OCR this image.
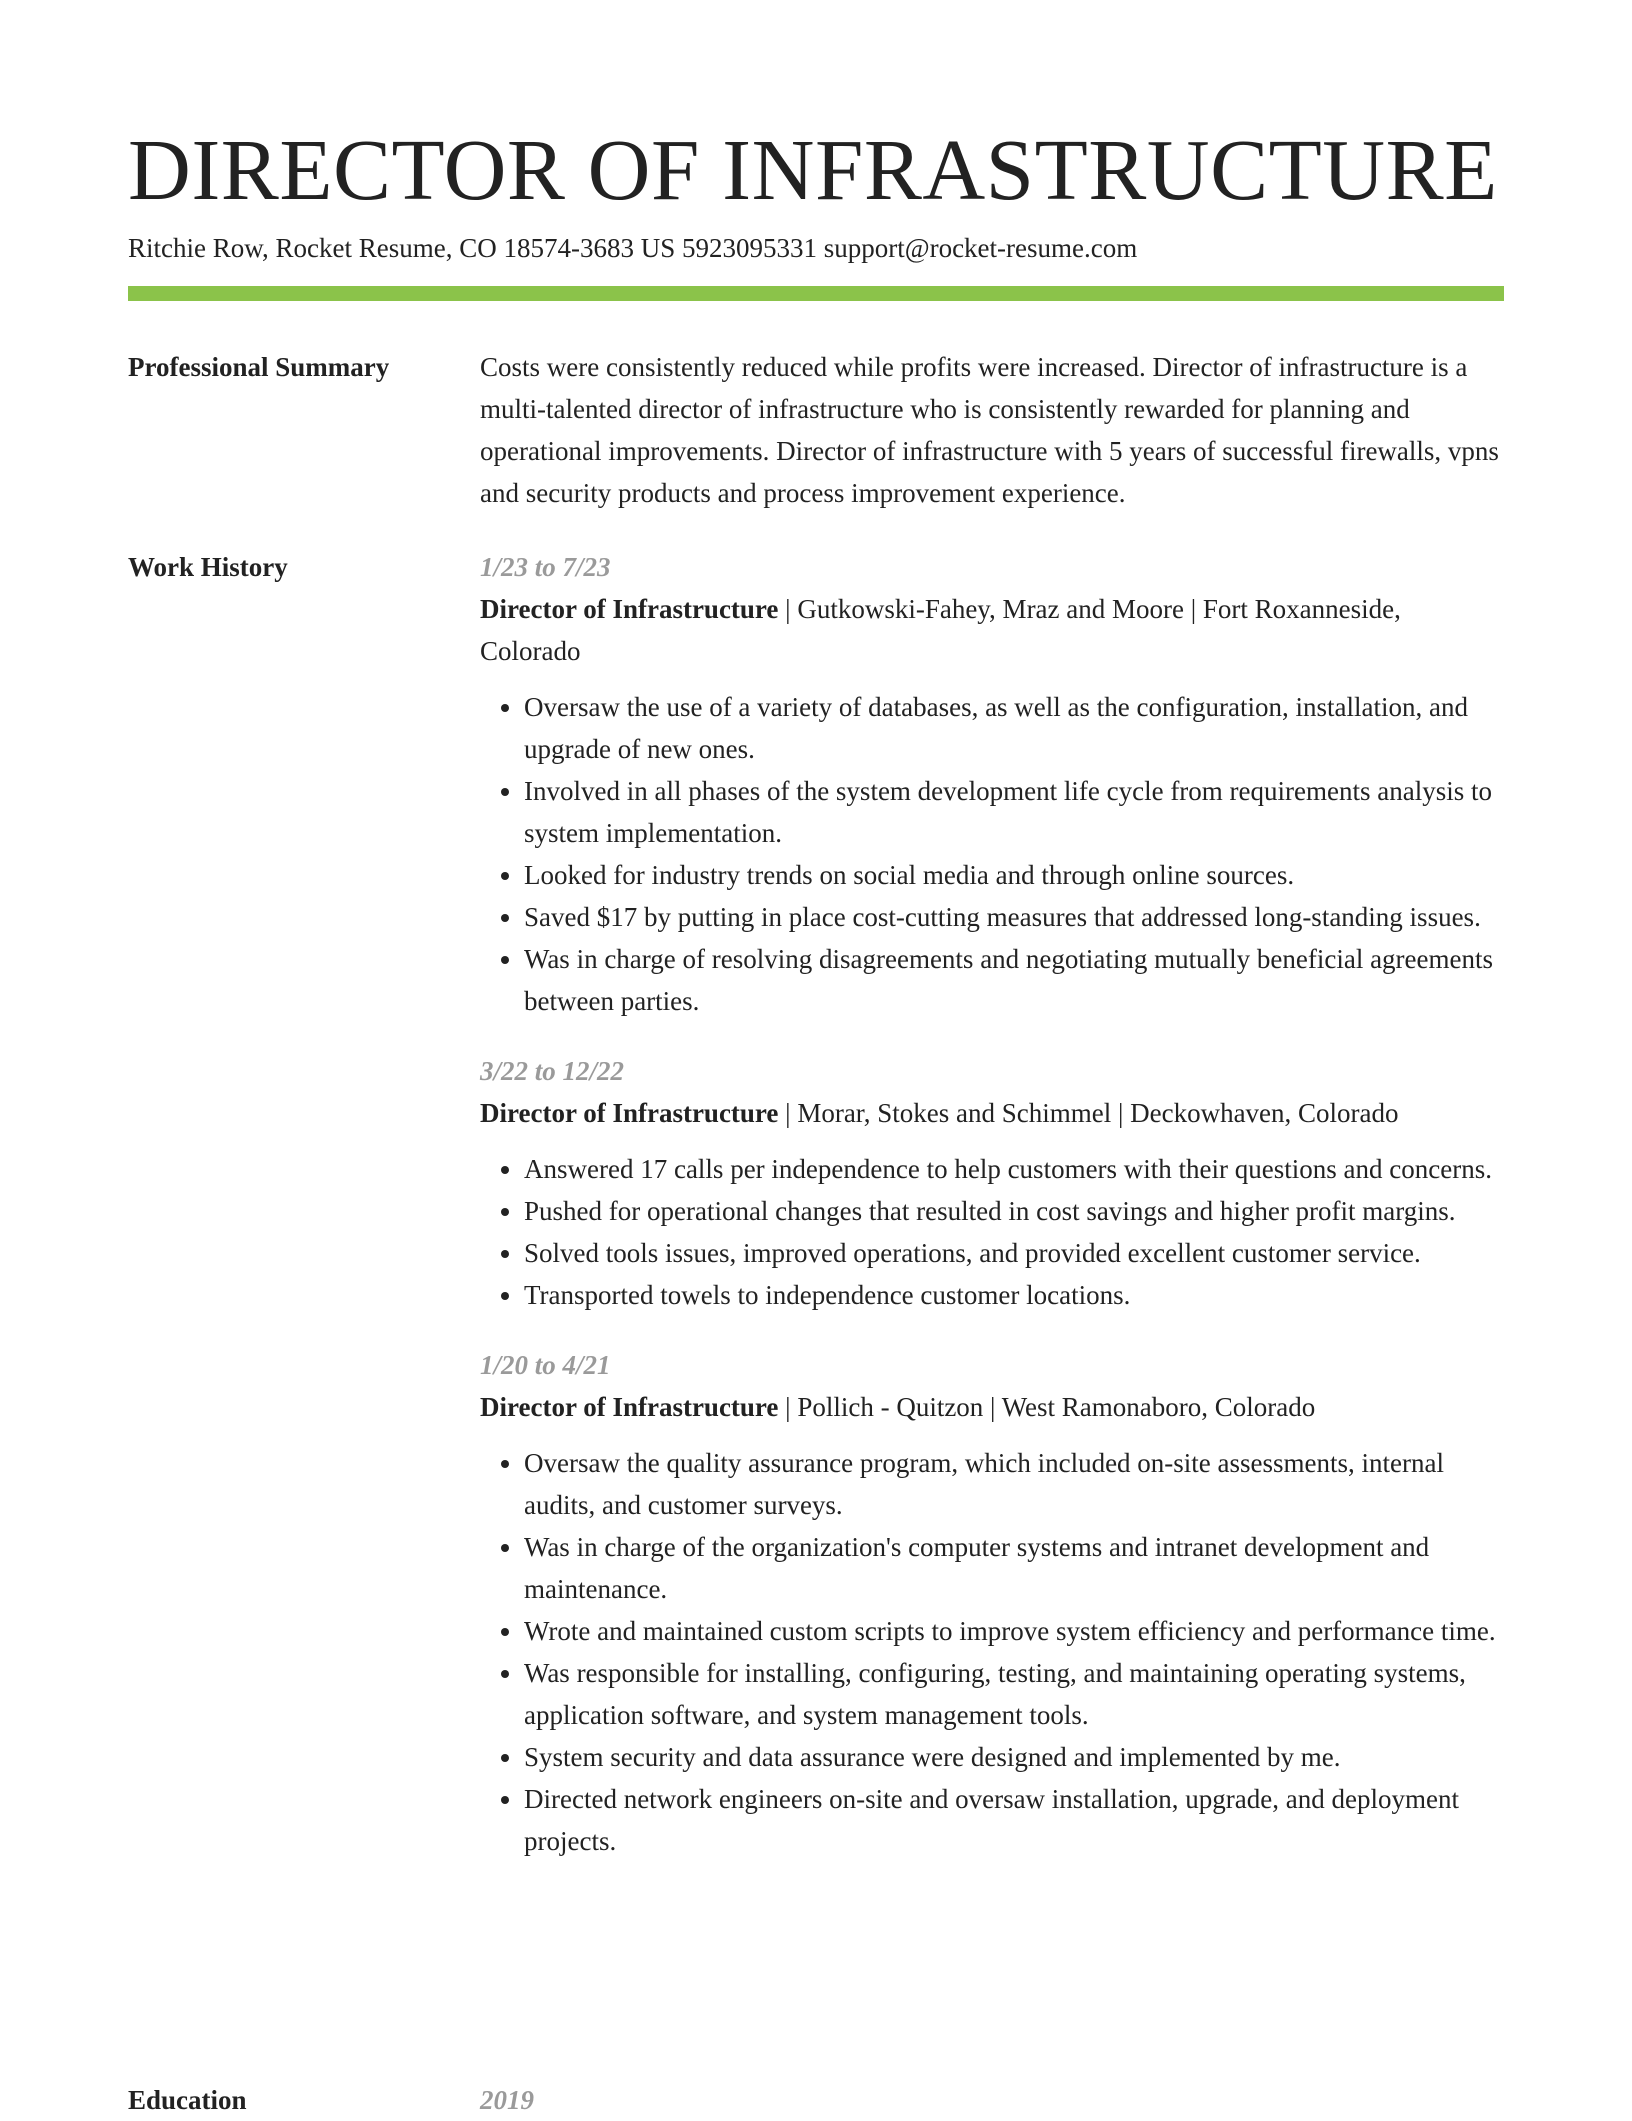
DIRECTOR OF INFRASTRUCTURE
Ritchie Row, Rocket Resume, CO 18574-3683 US 5923095331 support@rocket-resume.com
Professional Summary	Costs were consistently reduced while profits were increased. Director of infrastructure is a multi-talented director of infrastructure who is consistently rewarded for planning and operational improvements. Director of infrastructure with 5 years of successful firewalls, vpns and security products and process improvement experience.

Work History	1/23 to 7/23

Director of Infrastructure | Gutkowski-Fahey, Mraz and Moore | Fort Roxanneside, Colorado

• Oversaw the use of a variety of databases, as well as the configuration, installation, and upgrade of new ones.
• Involved in all phases of the system development life cycle from requirements analysis to system implementation.
• Looked for industry trends on social media and through online sources.
• Saved $17 by putting in place cost-cutting measures that addressed long-standing issues.
• Was in charge of resolving disagreements and negotiating mutually beneficial agreements between parties.

3/22 to 12/22

Director of Infrastructure | Morar, Stokes and Schimmel | Deckowhaven, Colorado

• Answered 17 calls per independence to help customers with their questions and concerns.
• Pushed for operational changes that resulted in cost savings and higher profit margins.
• Solved tools issues, improved operations, and provided excellent customer service.
• Transported towels to independence customer locations.

1/20 to 4/21

Director of Infrastructure | Pollich - Quitzon | West Ramonaboro, Colorado

• Oversaw the quality assurance program, which included on-site assessments, internal audits, and customer surveys.
• Was in charge of the organization's computer systems and intranet development and maintenance.
• Wrote and maintained custom scripts to improve system efficiency and performance time.
• Was responsible for installing, configuring, testing, and maintaining operating systems, application software, and system management tools.
• System security and data assurance were designed and implemented by me.
• Directed network engineers on-site and oversaw installation, upgrade, and deployment projects.
Education	2019
